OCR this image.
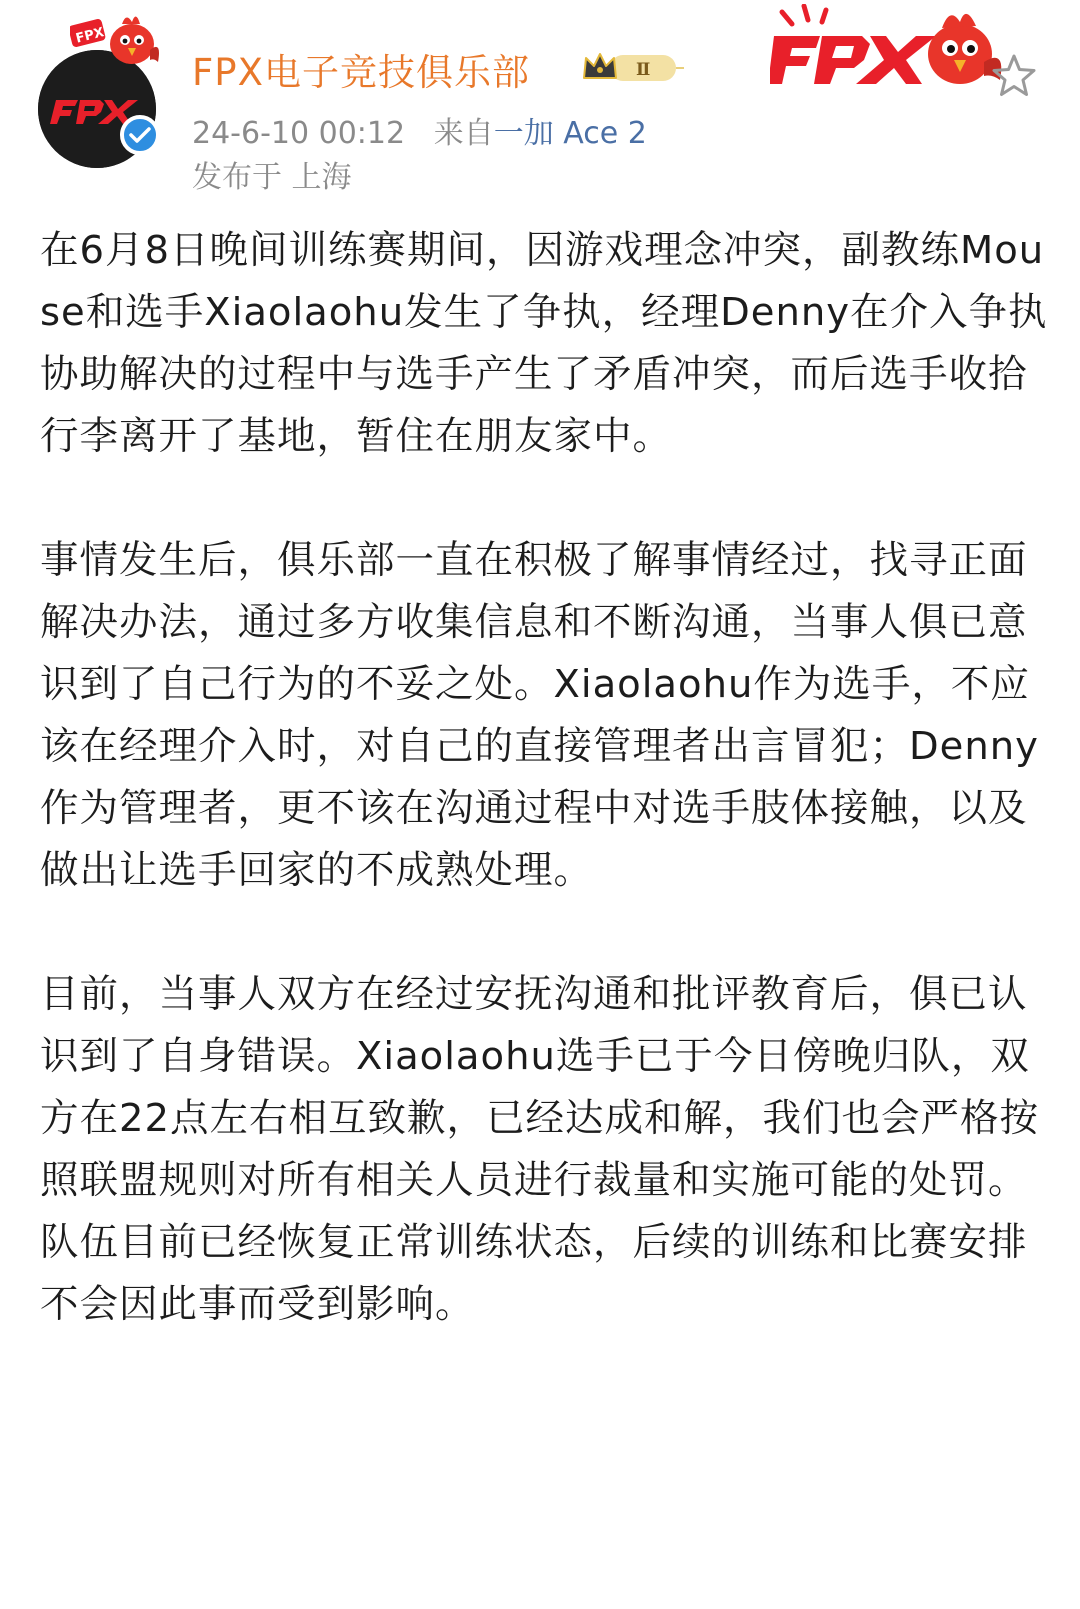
FPX
FPX电子竞技俱乐部	Ⅱ
24-6-10 00:12 来自一加 Ace 2
发布于 上海

在6月8日晚间训练赛期间，因游戏理念冲突，副教练Mouse和选手Xiaolaohu发生了争执，经理Denny在介入争执协助解决的过程中与选手产生了矛盾冲突，而后选手收拾行李离开了基地，暂住在朋友家中。

事情发生后，俱乐部一直在积极了解事情经过，找寻正面解决办法，通过多方收集信息和不断沟通，当事人俱已意识到了自己行为的不妥之处。Xiaolaohu作为选手，不应该在经理介入时，对自己的直接管理者出言冒犯；Denny作为管理者，更不该在沟通过程中对选手肢体接触，以及做出让选手回家的不成熟处理。

目前，当事人双方在经过安抚沟通和批评教育后，俱已认识到了自身错误。Xiaolaohu选手已于今日傍晚归队，双方在22点左右相互致歉，已经达成和解，我们也会严格按照联盟规则对所有相关人员进行裁量和实施可能的处罚。队伍目前已经恢复正常训练状态，后续的训练和比赛安排不会因此事而受到影响。
